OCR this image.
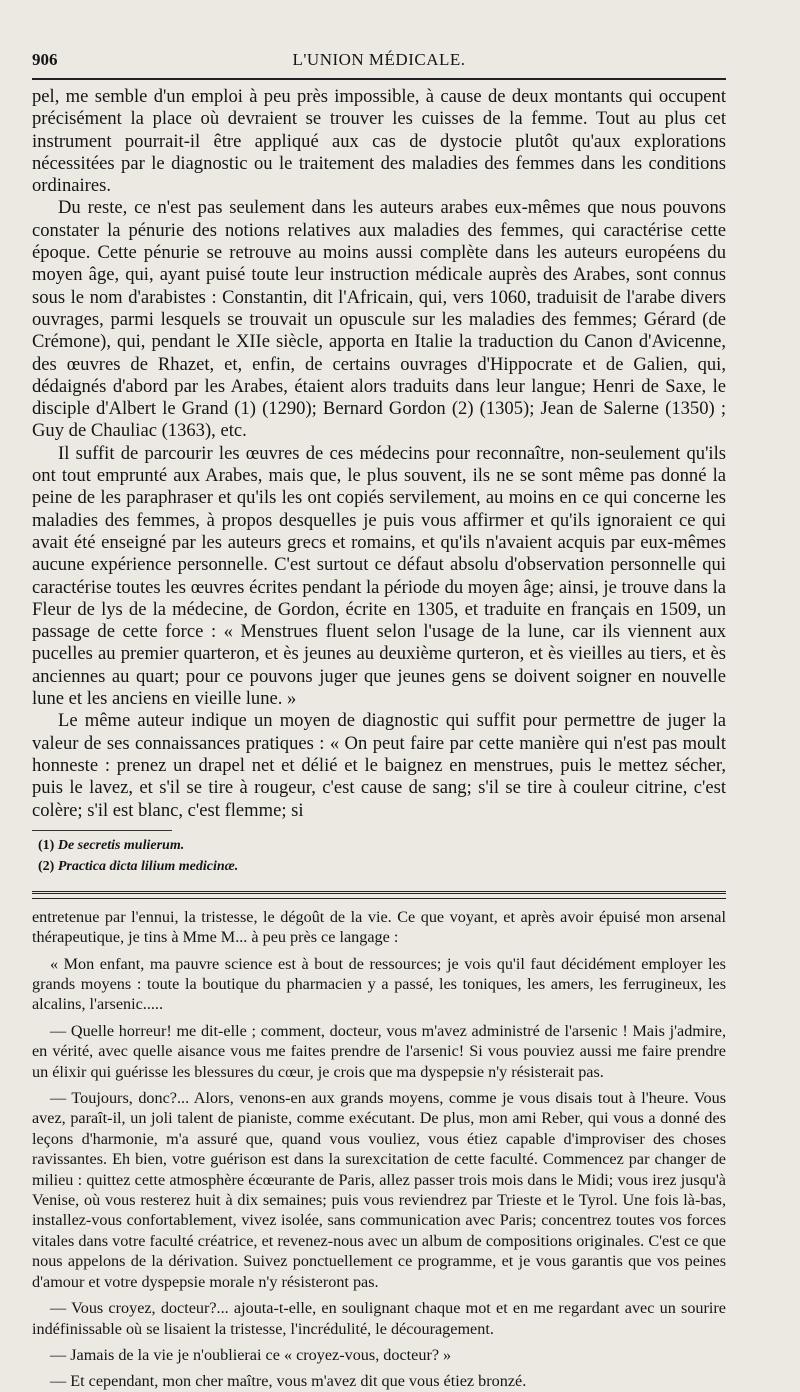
906	L'UNION MÉDICALE.

pel, me semble d'un emploi à peu près impossible, à cause de deux montants qui occupent précisément la place où devraient se trouver les cuisses de la femme. Tout au plus cet instrument pourrait-il être appliqué aux cas de dystocie plutôt qu'aux explorations nécessitées par le diagnostic ou le traitement des maladies des femmes dans les conditions ordinaires.

Du reste, ce n'est pas seulement dans les auteurs arabes eux-mêmes que nous pouvons constater la pénurie des notions relatives aux maladies des femmes, qui caractérise cette époque. Cette pénurie se retrouve au moins aussi complète dans les auteurs européens du moyen âge, qui, ayant puisé toute leur instruction médicale auprès des Arabes, sont connus sous le nom d'arabistes : Constantin, dit l'Africain, qui, vers 1060, traduisit de l'arabe divers ouvrages, parmi lesquels se trouvait un opuscule sur les maladies des femmes; Gérard (de Crémone), qui, pendant le XIIe siècle, apporta en Italie la traduction du Canon d'Avicenne, des œuvres de Rhazet, et, enfin, de certains ouvrages d'Hippocrate et de Galien, qui, dédaignés d'abord par les Arabes, étaient alors traduits dans leur langue; Henri de Saxe, le disciple d'Albert le Grand (1) (1290); Bernard Gordon (2) (1305); Jean de Salerne (1350) ; Guy de Chauliac (1363), etc.

Il suffit de parcourir les œuvres de ces médecins pour reconnaître, non-seulement qu'ils ont tout emprunté aux Arabes, mais que, le plus souvent, ils ne se sont même pas donné la peine de les paraphraser et qu'ils les ont copiés servilement, au moins en ce qui concerne les maladies des femmes, à propos desquelles je puis vous affirmer et qu'ils ignoraient ce qui avait été enseigné par les auteurs grecs et romains, et qu'ils n'avaient acquis par eux-mêmes aucune expérience personnelle. C'est surtout ce défaut absolu d'observation personnelle qui caractérise toutes les œuvres écrites pendant la période du moyen âge; ainsi, je trouve dans la Fleur de lys de la médecine, de Gordon, écrite en 1305, et traduite en français en 1509, un passage de cette force : « Menstrues fluent selon l'usage de la lune, car ils viennent aux pucelles au premier quarteron, et ès jeunes au deuxième qurteron, et ès vieilles au tiers, et ès anciennes au quart; pour ce pouvons juger que jeunes gens se doivent soigner en nouvelle lune et les anciens en vieille lune. »

Le même auteur indique un moyen de diagnostic qui suffit pour permettre de juger la valeur de ses connaissances pratiques : « On peut faire par cette manière qui n'est pas moult honneste : prenez un drapel net et délié et le baignez en menstrues, puis le mettez sécher, puis le lavez, et s'il se tire à rougeur, c'est cause de sang; s'il se tire à couleur citrine, c'est colère; s'il est blanc, c'est flemme; si

(1) De secretis mulierum.

(2) Practica dicta lilium medicinæ.

entretenue par l'ennui, la tristesse, le dégoût de la vie. Ce que voyant, et après avoir épuisé mon arsenal thérapeutique, je tins à Mme M... à peu près ce langage :

« Mon enfant, ma pauvre science est à bout de ressources; je vois qu'il faut décidément employer les grands moyens : toute la boutique du pharmacien y a passé, les toniques, les amers, les ferrugineux, les alcalins, l'arsenic.....

— Quelle horreur! me dit-elle ; comment, docteur, vous m'avez administré de l'arsenic ! Mais j'admire, en vérité, avec quelle aisance vous me faites prendre de l'arsenic! Si vous pouviez aussi me faire prendre un élixir qui guérisse les blessures du cœur, je crois que ma dyspepsie n'y résisterait pas.

— Toujours, donc?... Alors, venons-en aux grands moyens, comme je vous disais tout à l'heure. Vous avez, paraît-il, un joli talent de pianiste, comme exécutant. De plus, mon ami Reber, qui vous a donné des leçons d'harmonie, m'a assuré que, quand vous vouliez, vous étiez capable d'improviser des choses ravissantes. Eh bien, votre guérison est dans la surexcitation de cette faculté. Commencez par changer de milieu : quittez cette atmosphère écœurante de Paris, allez passer trois mois dans le Midi; vous irez jusqu'à Venise, où vous resterez huit à dix semaines; puis vous reviendrez par Trieste et le Tyrol. Une fois là-bas, installez-vous confortablement, vivez isolée, sans communication avec Paris; concentrez toutes vos forces vitales dans votre faculté créatrice, et revenez-nous avec un album de compositions originales. C'est ce que nous appelons de la dérivation. Suivez ponctuellement ce programme, et je vous garantis que vos peines d'amour et votre dyspepsie morale n'y résisteront pas.

— Vous croyez, docteur?... ajouta-t-elle, en soulignant chaque mot et en me regardant avec un sourire indéfinissable où se lisaient la tristesse, l'incrédulité, le découragement.

— Jamais de la vie je n'oublierai ce « croyez-vous, docteur? »

— Et cependant, mon cher maître, vous m'avez dit que vous étiez bronzé.
